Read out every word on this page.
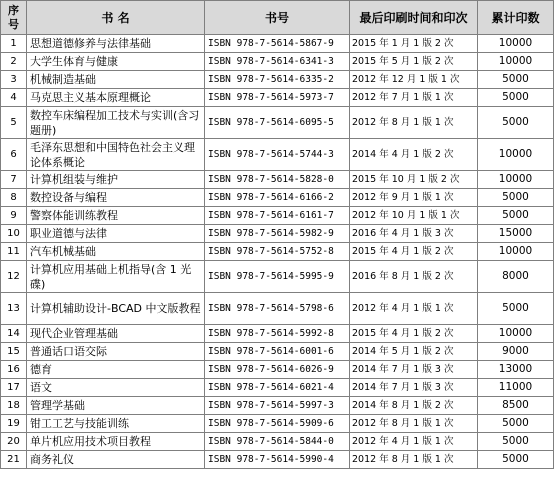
序号	书 名	书号	最后印刷时间和印次	累计印数
1	思想道德修养与法律基础	ISBN 978-7-5614-5867-9	2015 年 1 月 1 版 2 次	10000
2	大学生体育与健康	ISBN 978-7-5614-6341-3	2015 年 5 月 1 版 2 次	10000
3	机械制造基础	ISBN 978-7-5614-6335-2	2012 年 12 月 1 版 1 次	5000
4	马克思主义基本原理概论	ISBN 978-7-5614-5973-7	2012 年 7 月 1 版 1 次	5000
5	数控车床编程加工技术与实训(含习题册)	ISBN 978-7-5614-6095-5	2012 年 8 月 1 版 1 次	5000
6	毛泽东思想和中国特色社会主义理论体系概论	ISBN 978-7-5614-5744-3	2014 年 4 月 1 版 2 次	10000
7	计算机组装与维护	ISBN 978-7-5614-5828-0	2015 年 10 月 1 版 2 次	10000
8	数控设备与编程	ISBN 978-7-5614-6166-2	2012 年 9 月 1 版 1 次	5000
9	警察体能训练教程	ISBN 978-7-5614-6161-7	2012 年 10 月 1 版 1 次	5000
10	职业道德与法律	ISBN 978-7-5614-5982-9	2016 年 4 月 1 版 3 次	15000
11	汽车机械基础	ISBN 978-7-5614-5752-8	2015 年 4 月 1 版 2 次	10000
12	计算机应用基础上机指导(含 1 光碟)	ISBN 978-7-5614-5995-9	2016 年 8 月 1 版 2 次	8000
13	计算机辅助设计-BCAD 中文版教程	ISBN 978-7-5614-5798-6	2012 年 4 月 1 版 1 次	5000
14	现代企业管理基础	ISBN 978-7-5614-5992-8	2015 年 4 月 1 版 2 次	10000
15	普通话口语交际	ISBN 978-7-5614-6001-6	2014 年 5 月 1 版 2 次	9000
16	德育	ISBN 978-7-5614-6026-9	2014 年 7 月 1 版 3 次	13000
17	语文	ISBN 978-7-5614-6021-4	2014 年 7 月 1 版 3 次	11000
18	管理学基础	ISBN 978-7-5614-5997-3	2014 年 8 月 1 版 2 次	8500
19	钳工工艺与技能训练	ISBN 978-7-5614-5909-6	2012 年 8 月 1 版 1 次	5000
20	单片机应用技术项目教程	ISBN 978-7-5614-5844-0	2012 年 4 月 1 版 1 次	5000
21	商务礼仪	ISBN 978-7-5614-5990-4	2012 年 8 月 1 版 1 次	5000
